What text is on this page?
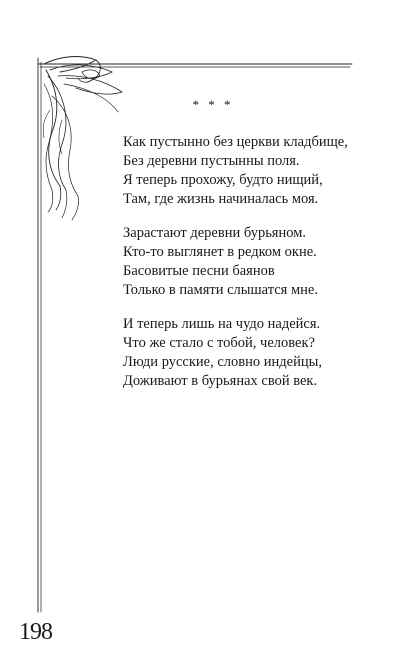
* * *
Как пустынно без церкви кладбище,
Без деревни пустынны поля.
Я теперь прохожу, будто нищий,
Там, где жизнь начиналась моя.
Зарастают деревни бурьяном.
Кто-то выглянет в редком окне.
Басовитые песни баянов
Только в памяти слышатся мне.
И теперь лишь на чудо надейся.
Что же стало с тобой, человек?
Люди русские, словно индейцы,
Доживают в бурьянах свой век.
198
